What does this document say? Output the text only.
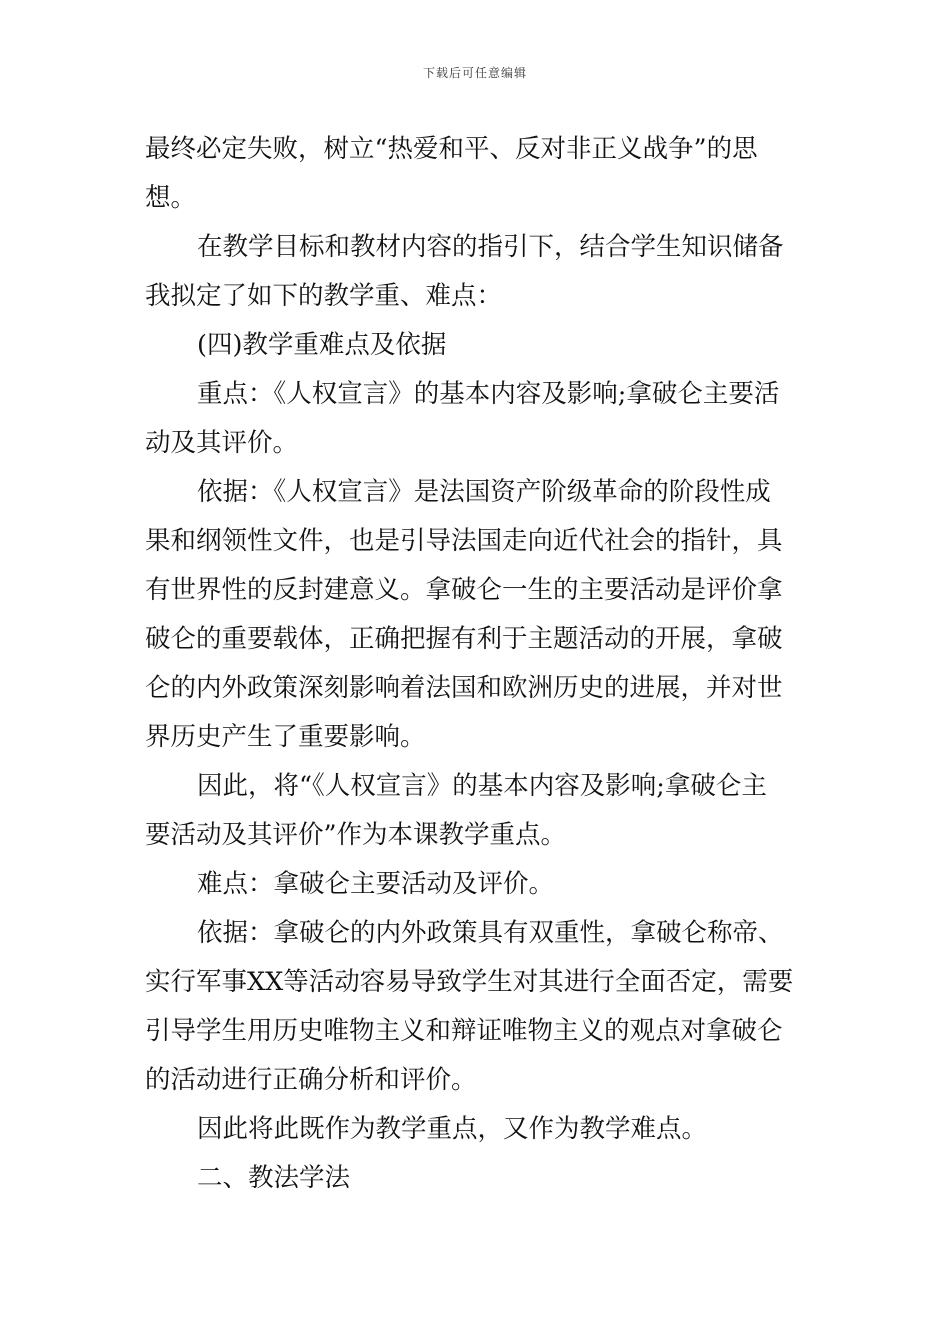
下载后可任意编辑
最终必定失败，树立“热爱和平、反对非正义战争”的思
想。
在教学目标和教材内容的指引下，结合学生知识储备
我拟定了如下的教学重、难点：
(四)教学重难点及依据
重点：《人权宣言》的基本内容及影响;拿破仑主要活
动及其评价。
依据：《人权宣言》是法国资产阶级革命的阶段性成
果和纲领性文件，也是引导法国走向近代社会的指针，具
有世界性的反封建意义。拿破仑一生的主要活动是评价拿
破仑的重要载体，正确把握有利于主题活动的开展，拿破
仑的内外政策深刻影响着法国和欧洲历史的进展，并对世
界历史产生了重要影响。
因此，将“《人权宣言》的基本内容及影响;拿破仑主
要活动及其评价”作为本课教学重点。
难点：拿破仑主要活动及评价。
依据：拿破仑的内外政策具有双重性，拿破仑称帝、
实行军事XX等活动容易导致学生对其进行全面否定，需要
引导学生用历史唯物主义和辩证唯物主义的观点对拿破仑
的活动进行正确分析和评价。
因此将此既作为教学重点，又作为教学难点。
二、教法学法
